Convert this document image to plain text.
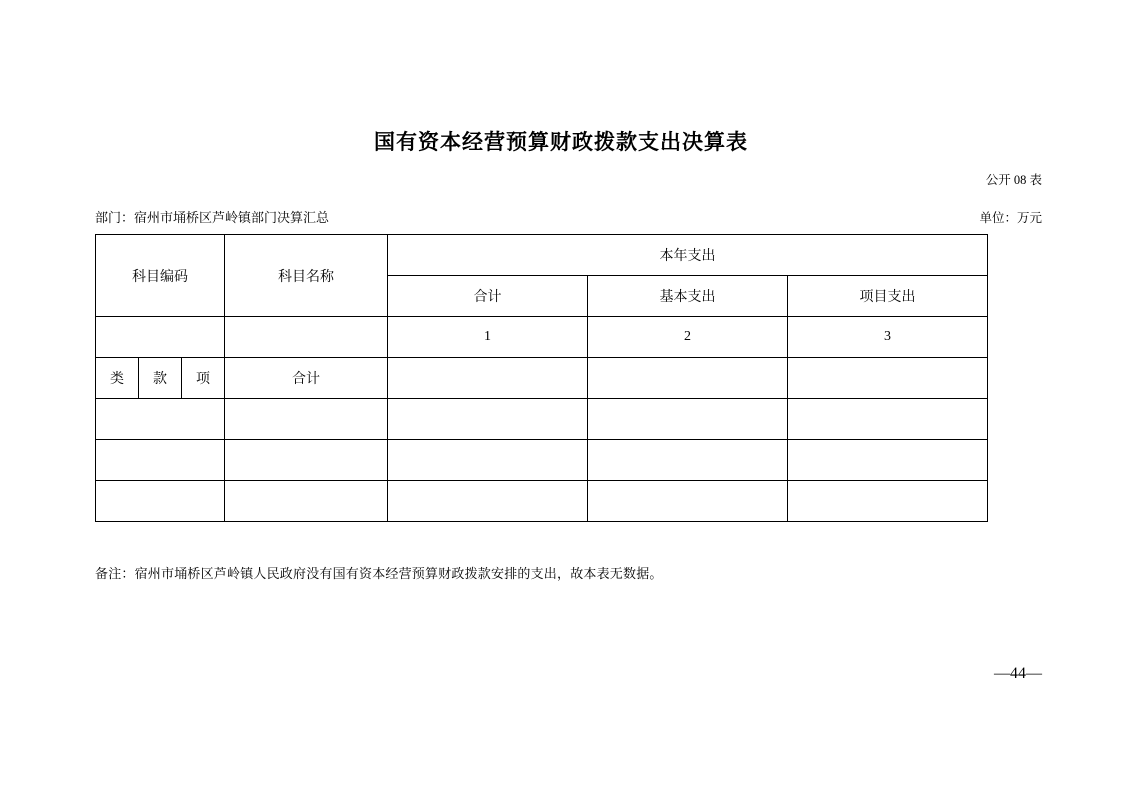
国有资本经营预算财政拨款支出决算表
公开 08 表
部门：宿州市埇桥区芦岭镇部门决算汇总	单位：万元
科目编码			科目名称	本年支出		
				合计	基本支出	项目支出
				1	2	3
类	款	项	合计			

备注：宿州市埇桥区芦岭镇人民政府没有国有资本经营预算财政拨款安排的支出，故本表无数据。
—44—
